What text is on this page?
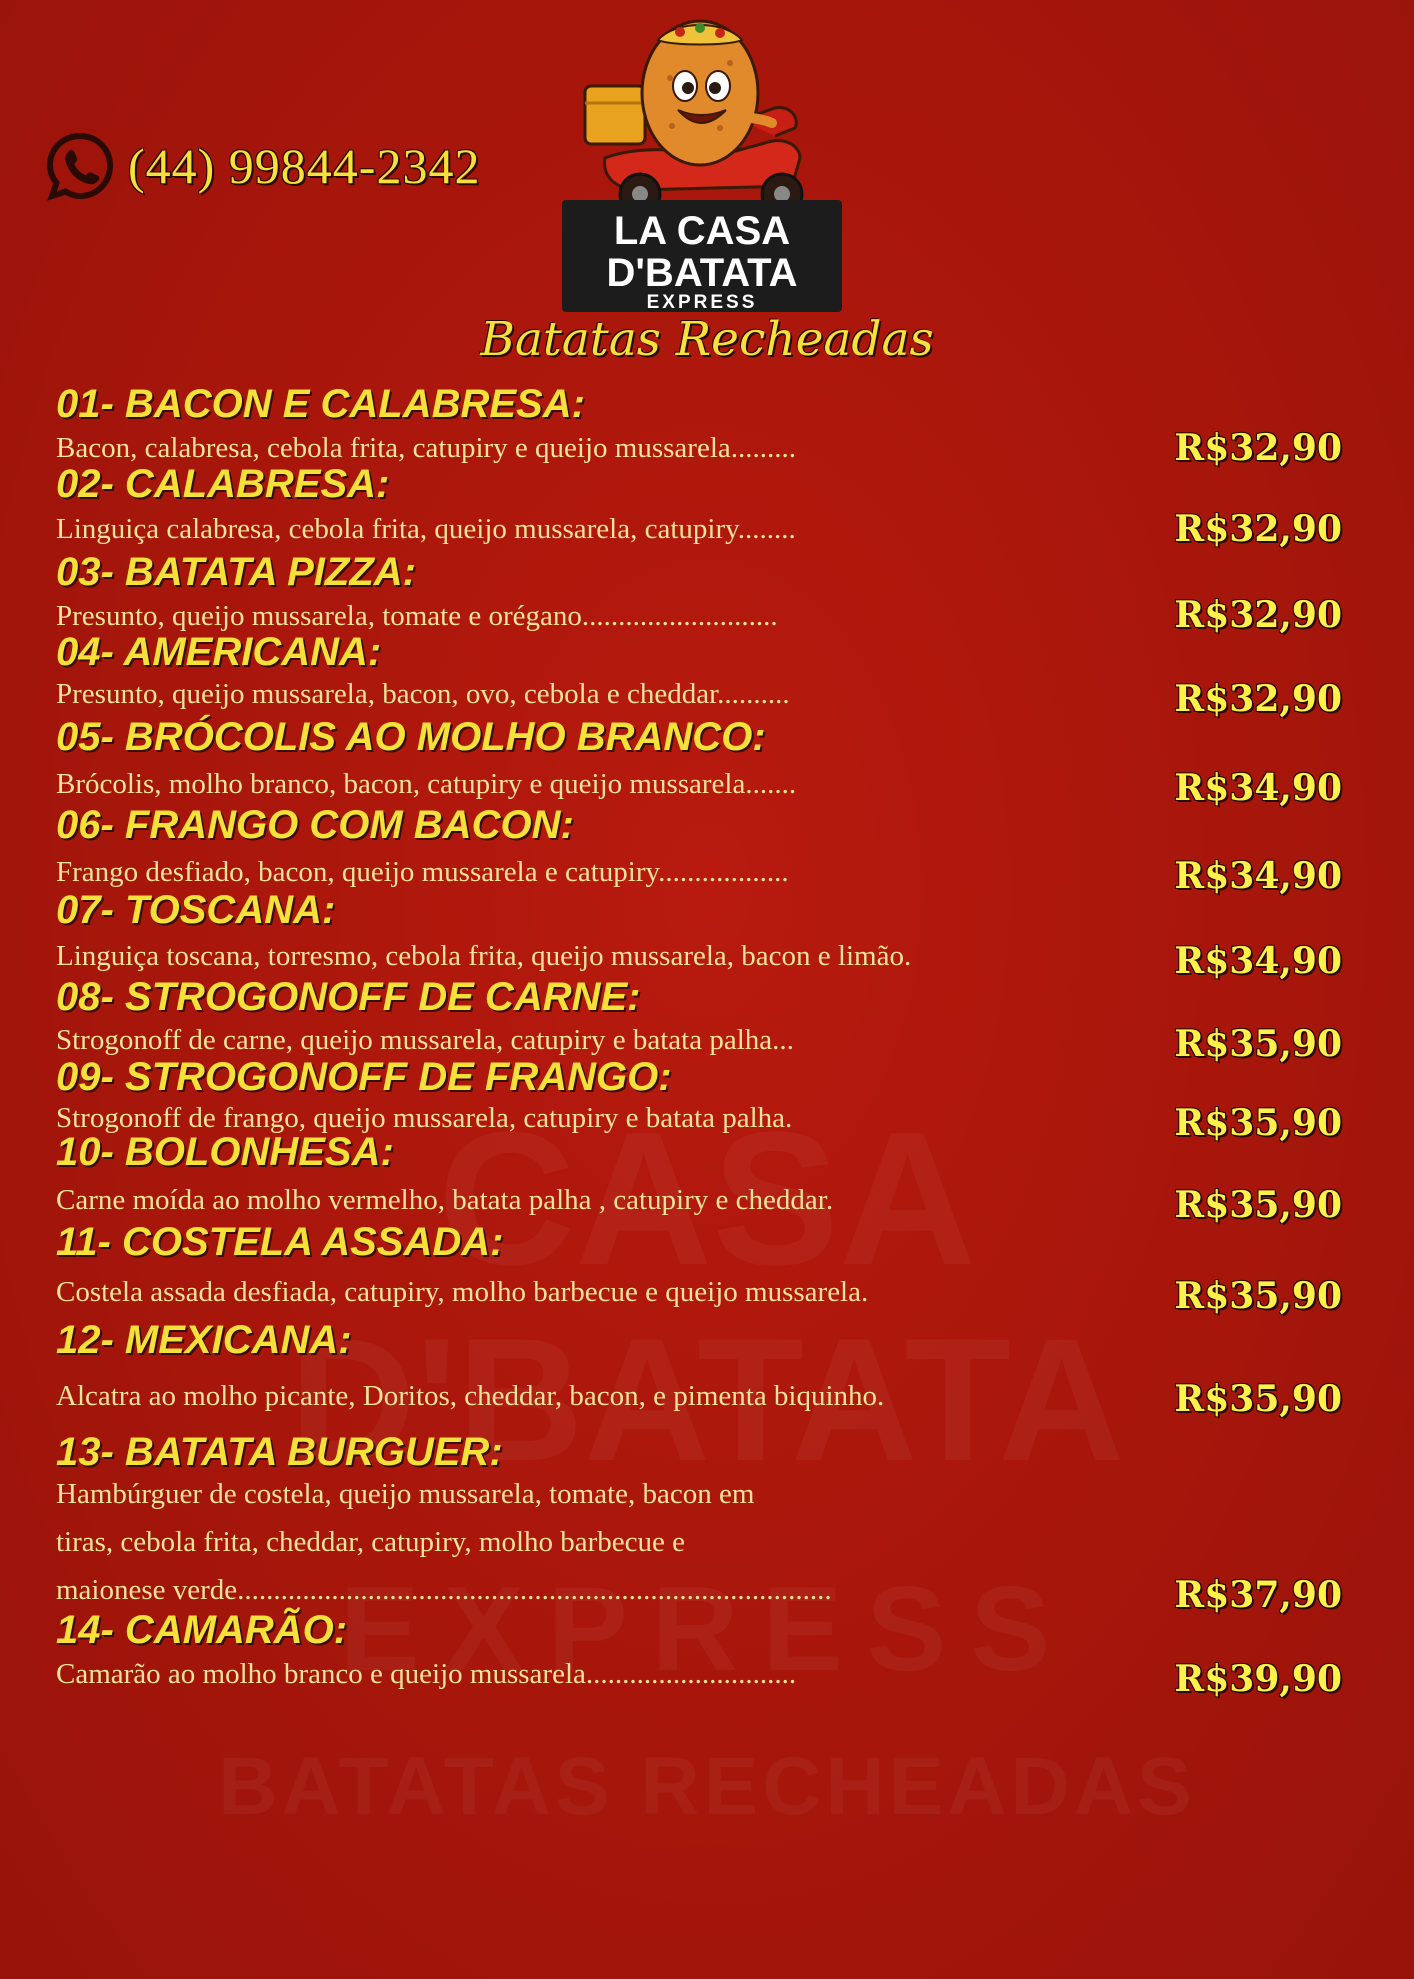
(44) 99844-2342
LA CASA
D'BATATA
EXPRESS
Batatas Recheadas
01- BACON E CALABRESA:
Bacon, calabresa, cebola frita, catupiry e queijo mussarela.........	R$32,90
02- CALABRESA:
Linguiça calabresa, cebola frita, queijo mussarela, catupiry........	R$32,90
03- BATATA PIZZA:
Presunto, queijo mussarela, tomate e orégano...........................	R$32,90
04- AMERICANA:
Presunto, queijo mussarela, bacon, ovo, cebola e cheddar..........	R$32,90
05- BRÓCOLIS AO MOLHO BRANCO:
Brócolis, molho branco, bacon, catupiry e queijo mussarela.......	R$34,90
06- FRANGO COM BACON:
Frango desfiado, bacon, queijo mussarela e catupiry..................	R$34,90
07- TOSCANA:
Linguiça toscana, torresmo, cebola frita, queijo mussarela, bacon e limão.	R$34,90
08- STROGONOFF DE CARNE:
Strogonoff de carne, queijo mussarela, catupiry e batata palha...	R$35,90
09- STROGONOFF DE FRANGO:
Strogonoff de frango, queijo mussarela, catupiry e batata palha.	R$35,90
10- BOLONHESA:
Carne moída ao molho vermelho, batata palha , catupiry e cheddar.	R$35,90
11- COSTELA ASSADA:
Costela assada desfiada, catupiry, molho barbecue e queijo mussarela.	R$35,90
12- MEXICANA:
Alcatra ao molho picante, Doritos, cheddar, bacon, e pimenta biquinho.	R$35,90
13- BATATA BURGUER:
Hambúrguer de costela, queijo mussarela, tomate, bacon em
tiras, cebola frita, cheddar, catupiry, molho barbecue e
maionese verde..................................................................................	R$37,90
14- CAMARÃO:
Camarão ao molho branco e queijo mussarela.............................	R$39,90
